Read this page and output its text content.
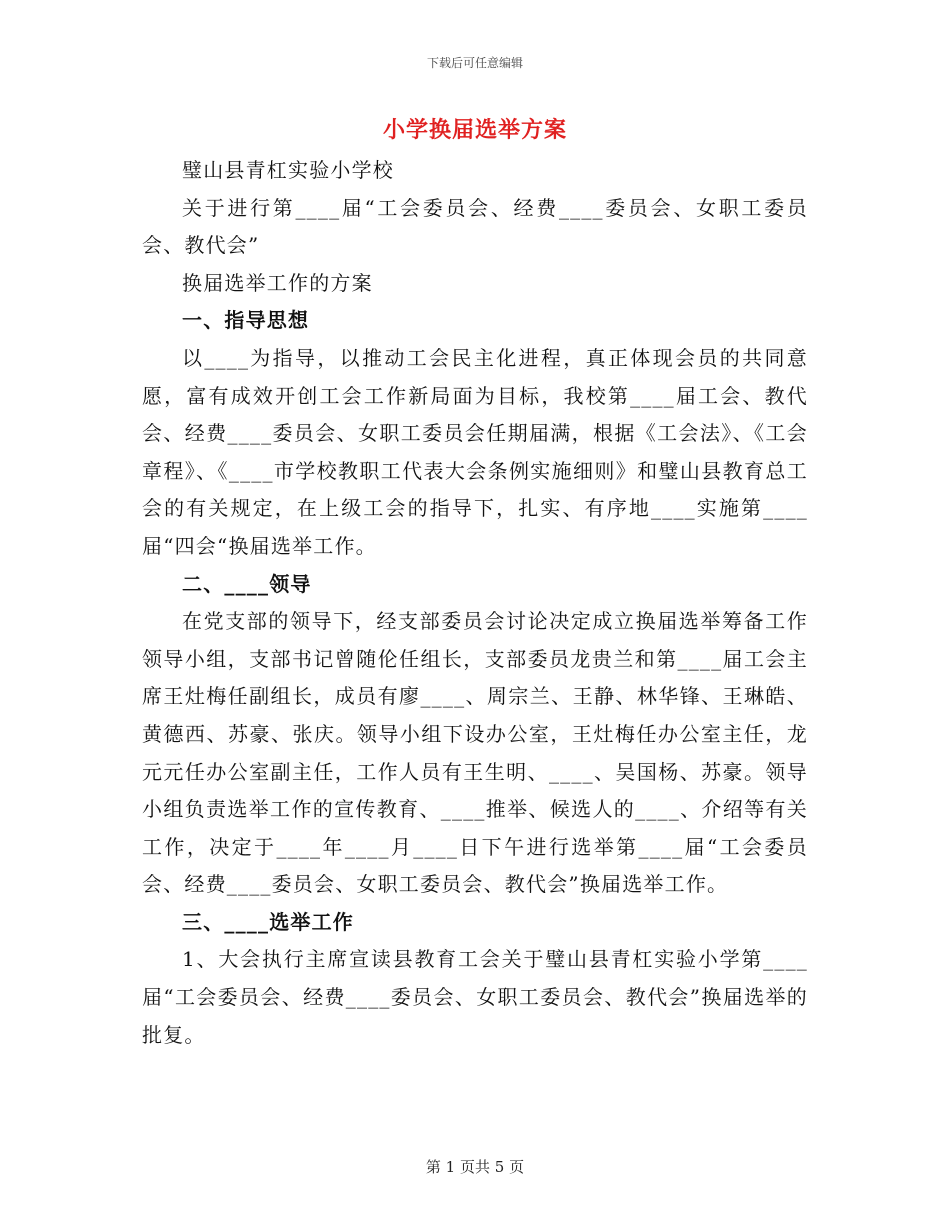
下载后可任意编辑
小学换届选举方案

璧山县青杠实验小学校

关于进行第____届“工会委员会、经费____委员会、女职工委员会、教代会”

换届选举工作的方案

一、指导思想

以____为指导，以推动工会民主化进程，真正体现会员的共同意愿，富有成效开创工会工作新局面为目标，我校第____届工会、教代会、经费____委员会、女职工委员会任期届满，根据《工会法》、《工会章程》、《____市学校教职工代表大会条例实施细则》和璧山县教育总工会的有关规定，在上级工会的指导下，扎实、有序地____实施第____届“四会“换届选举工作。

二、____领导

在党支部的领导下，经支部委员会讨论决定成立换届选举筹备工作领导小组，支部书记曾随伦任组长，支部委员龙贵兰和第____届工会主席王灶梅任副组长，成员有廖____、周宗兰、王静、林华锋、王琳皓、黄德西、苏豪、张庆。领导小组下设办公室，王灶梅任办公室主任，龙元元任办公室副主任，工作人员有王生明、____、吴国杨、苏豪。领导小组负责选举工作的宣传教育、____推举、候选人的____、介绍等有关工作，决定于____年____月____日下午进行选举第____届“工会委员会、经费____委员会、女职工委员会、教代会”换届选举工作。

三、____选举工作

1、大会执行主席宣读县教育工会关于璧山县青杠实验小学第____届“工会委员会、经费____委员会、女职工委员会、教代会”换届选举的批复。

第 1 页共 5 页
